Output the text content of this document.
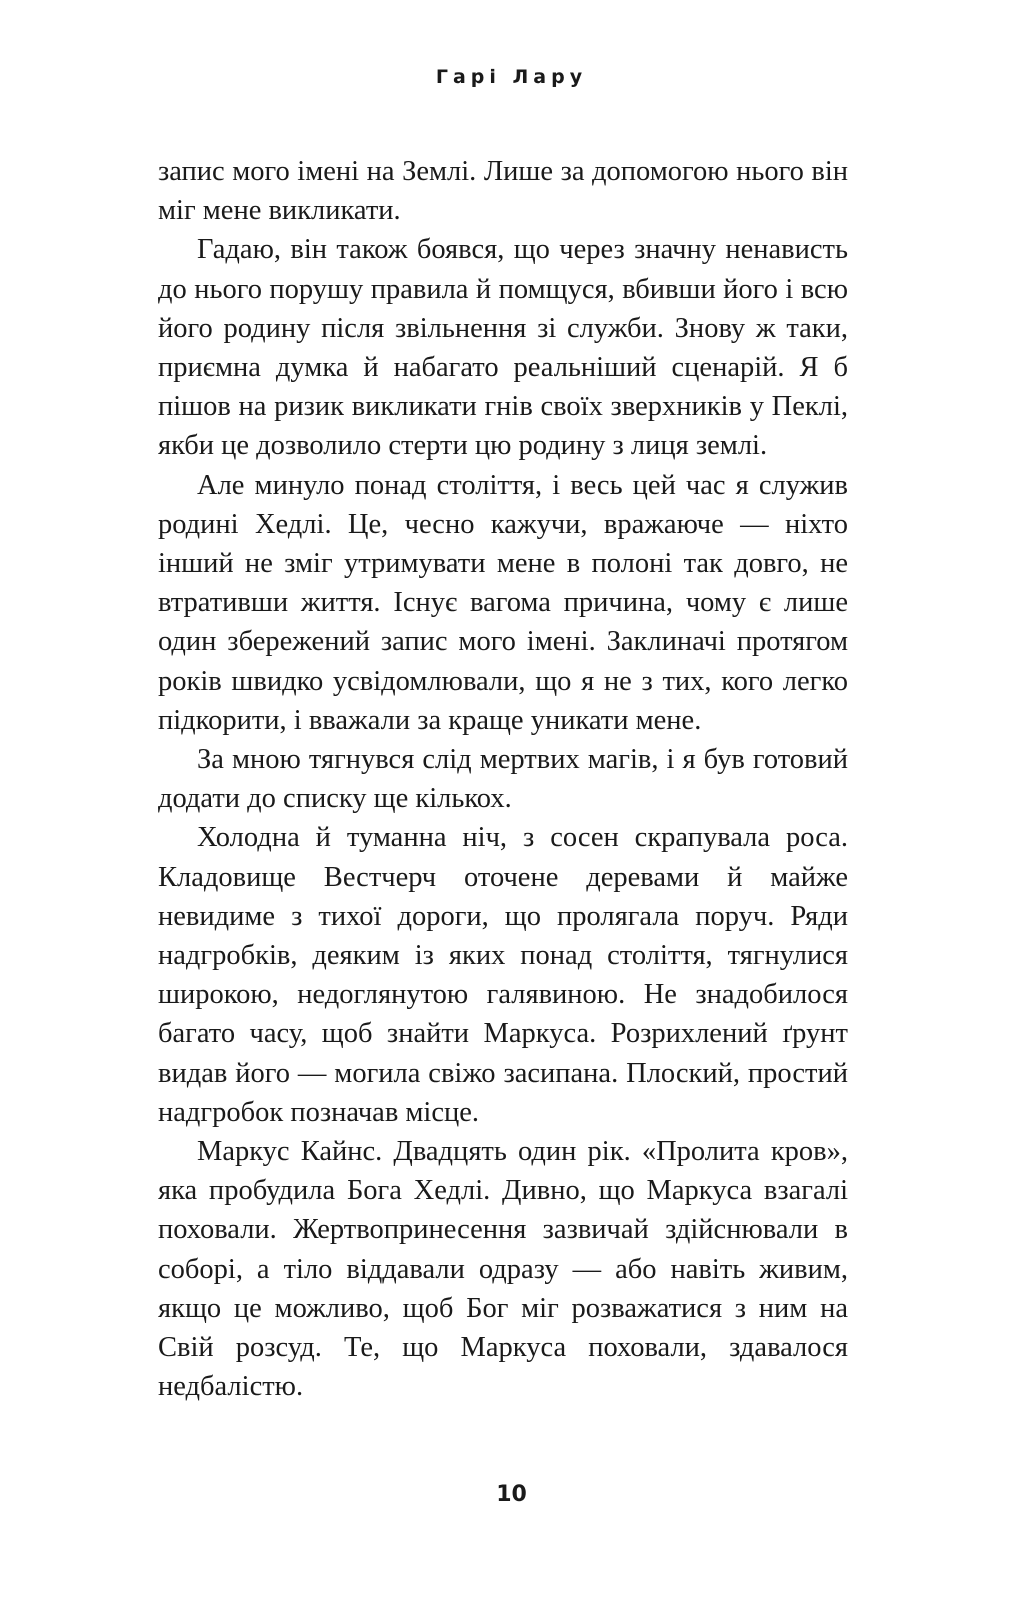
Гарі Лару

запис мого імені на Землі. Лише за допомогою нього він міг мене викликати.

Гадаю, він також боявся, що через значну ненависть до нього порушу правила й помщуся, вбивши його і всю його родину після звільнення зі служби. Знову ж таки, приємна думка й набагато реальніший сценарій. Я б пішов на ризик викликати гнів своїх зверхників у Пеклі, якби це дозволило стерти цю родину з лиця землі.

Але минуло понад століття, і весь цей час я служив родині Хедлі. Це, чесно кажучи, вражаюче — ніхто інший не зміг утримувати мене в полоні так довго, не втративши життя. Існує вагома причина, чому є лише один збережений запис мого імені. Заклиначі протягом років швидко усвідомлювали, що я не з тих, кого легко підкорити, і вважали за краще уникати мене.

За мною тягнувся слід мертвих магів, і я був готовий додати до списку ще кількох.

Холодна й туманна ніч, з сосен скрапувала роса. Кладовище Вестчерч оточене деревами й майже невидиме з тихої дороги, що пролягала поруч. Ряди надгробків, деяким із яких понад століття, тягнулися широкою, недоглянутою галявиною. Не знадобилося багато часу, щоб знайти Маркуса. Розрихлений ґрунт видав його — могила свіжо засипана. Плоский, простий надгробок позначав місце.

Маркус Кайнс. Двадцять один рік. «Пролита кров», яка пробудила Бога Хедлі. Дивно, що Маркуса взагалі поховали. Жертвопринесення зазвичай здійснювали в соборі, а тіло віддавали одразу — або навіть живим, якщо це можливо, щоб Бог міг розважатися з ним на Свій розсуд. Те, що Маркуса поховали, здавалося недбалістю.

10
